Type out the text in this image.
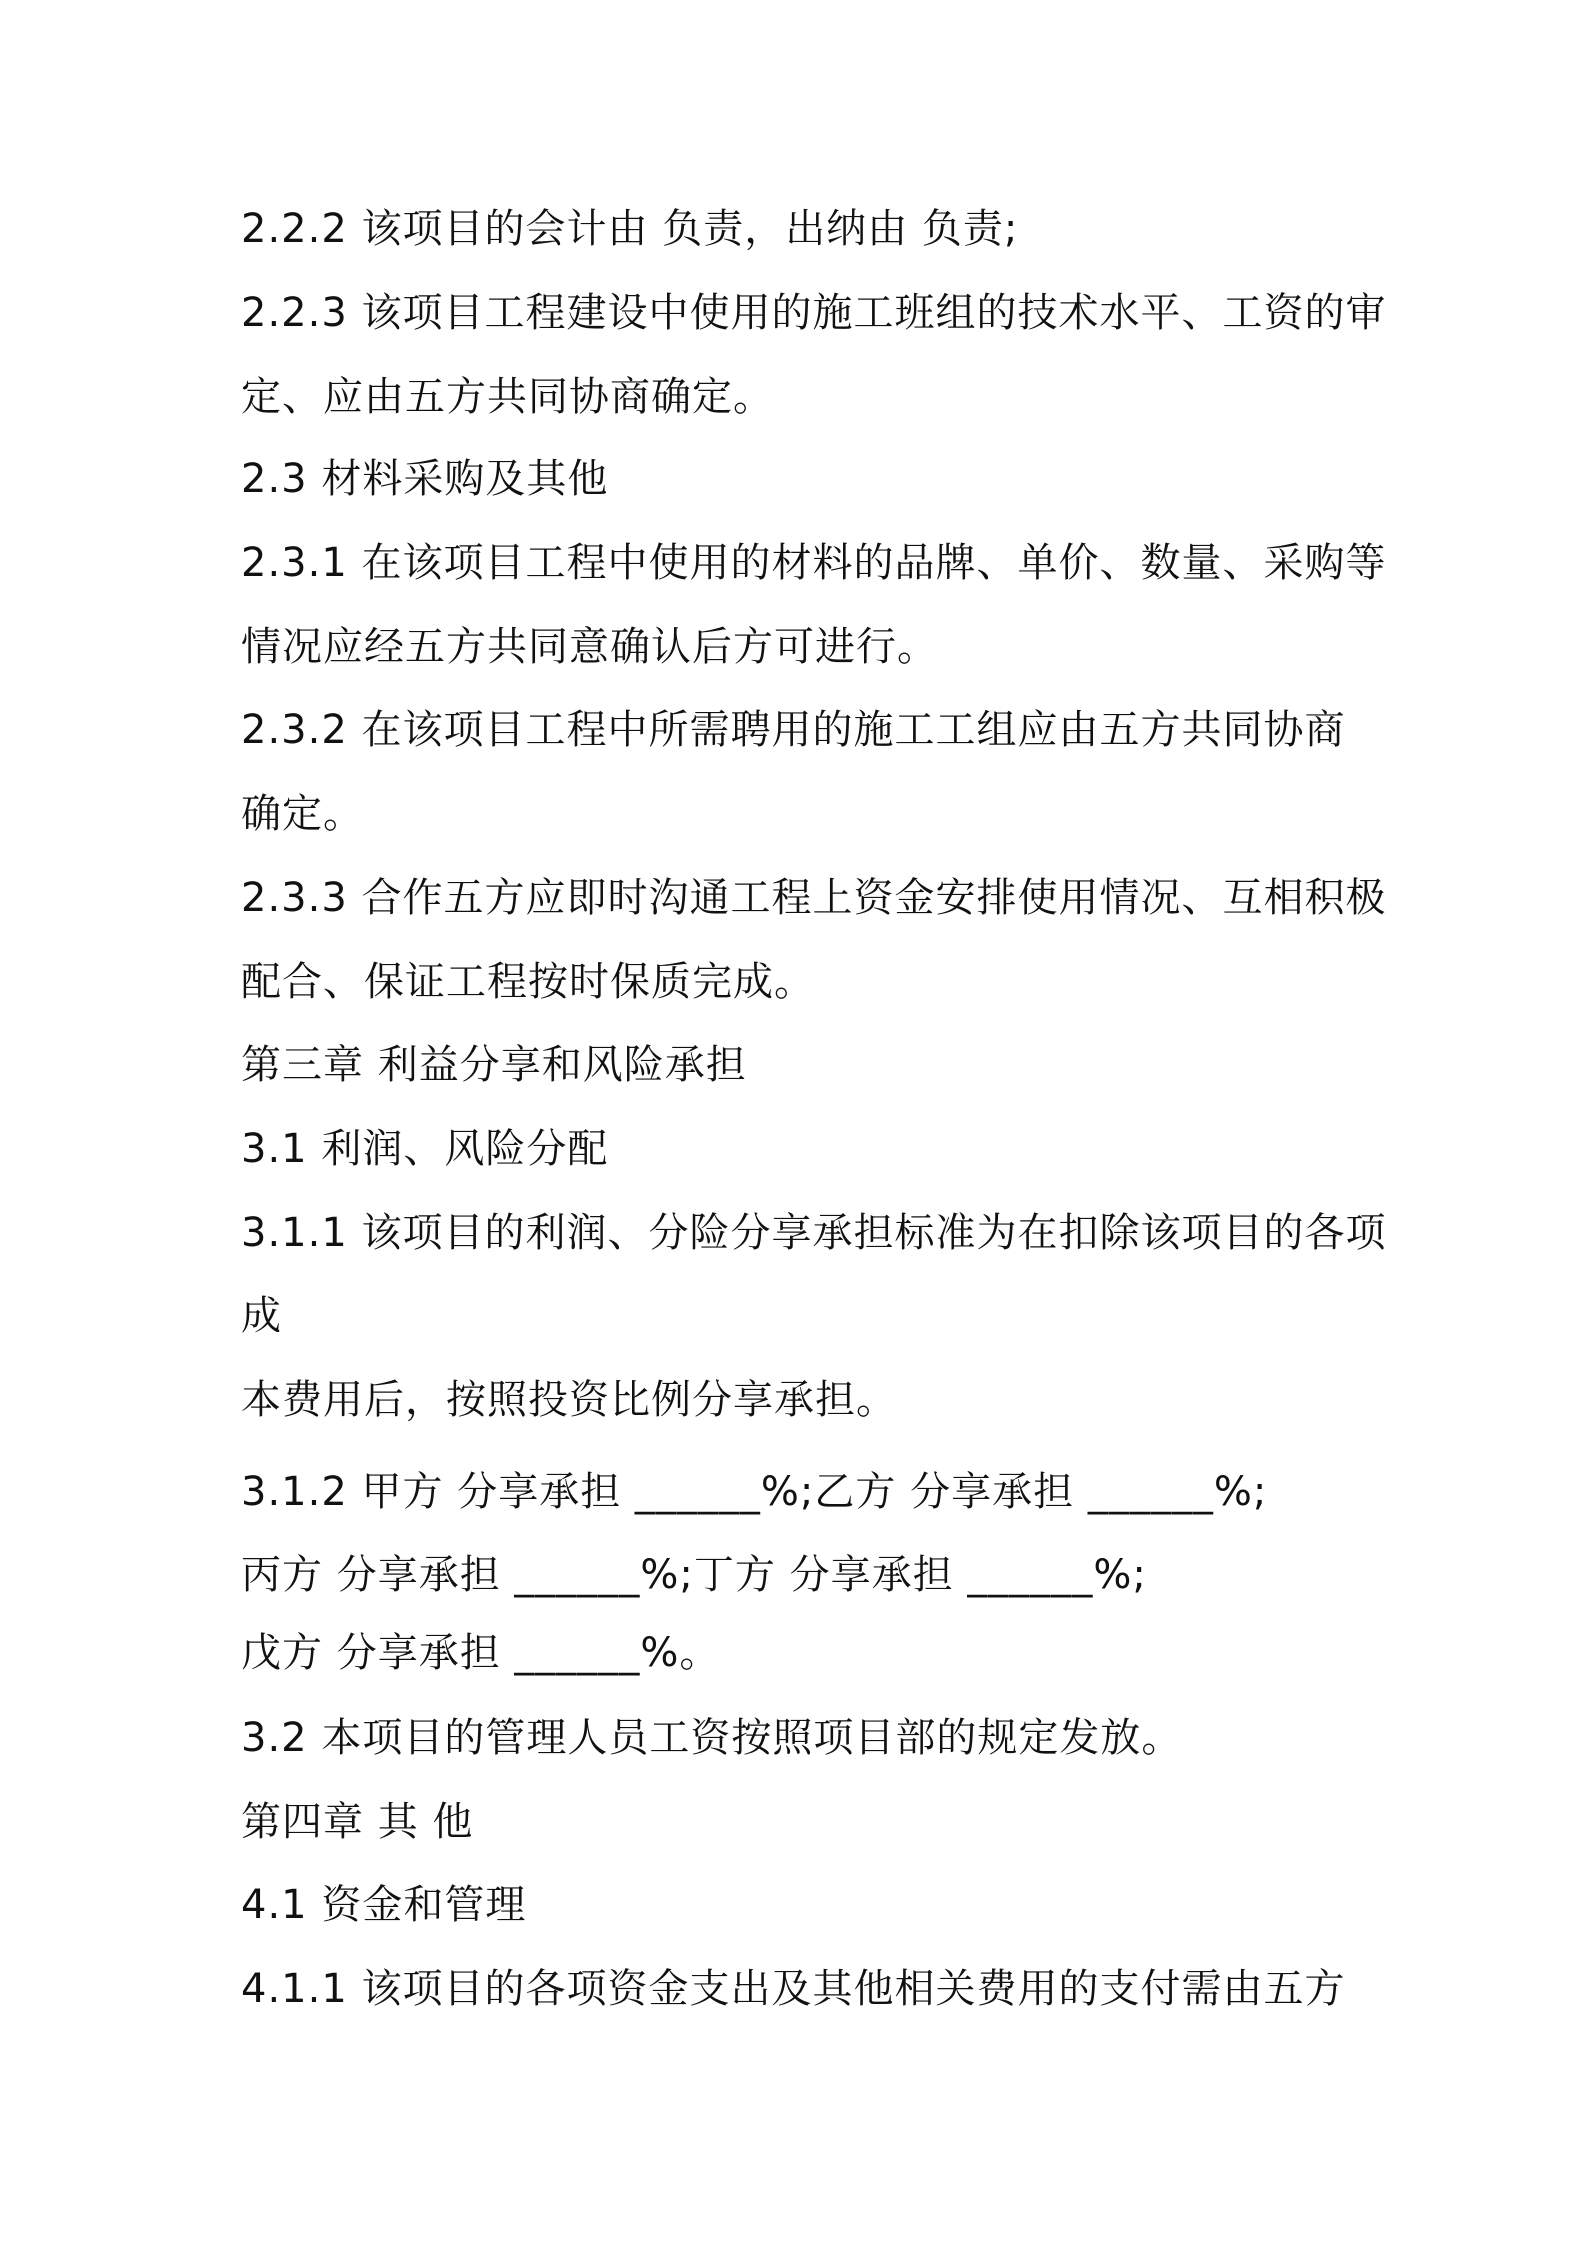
2.2.2 该项目的会计由 负责，出纳由 负责;
2.2.3 该项目工程建设中使用的施工班组的技术水平、工资的审
定、应由五方共同协商确定。
2.3 材料采购及其他
2.3.1 在该项目工程中使用的材料的品牌、单价、数量、采购等
情况应经五方共同意确认后方可进行。
2.3.2 在该项目工程中所需聘用的施工工组应由五方共同协商
确定。
2.3.3 合作五方应即时沟通工程上资金安排使用情况、互相积极
配合、保证工程按时保质完成。
第三章 利益分享和风险承担
3.1 利润、风险分配
3.1.1 该项目的利润、分险分享承担标准为在扣除该项目的各项
成
本费用后，按照投资比例分享承担。
3.1.2 甲方 分享承担 ______%;乙方 分享承担 ______%;
丙方 分享承担 ______%;丁方 分享承担 ______%;
戊方 分享承担 ______%。
3.2 本项目的管理人员工资按照项目部的规定发放。
第四章 其 他
4.1 资金和管理
4.1.1 该项目的各项资金支出及其他相关费用的支付需由五方
